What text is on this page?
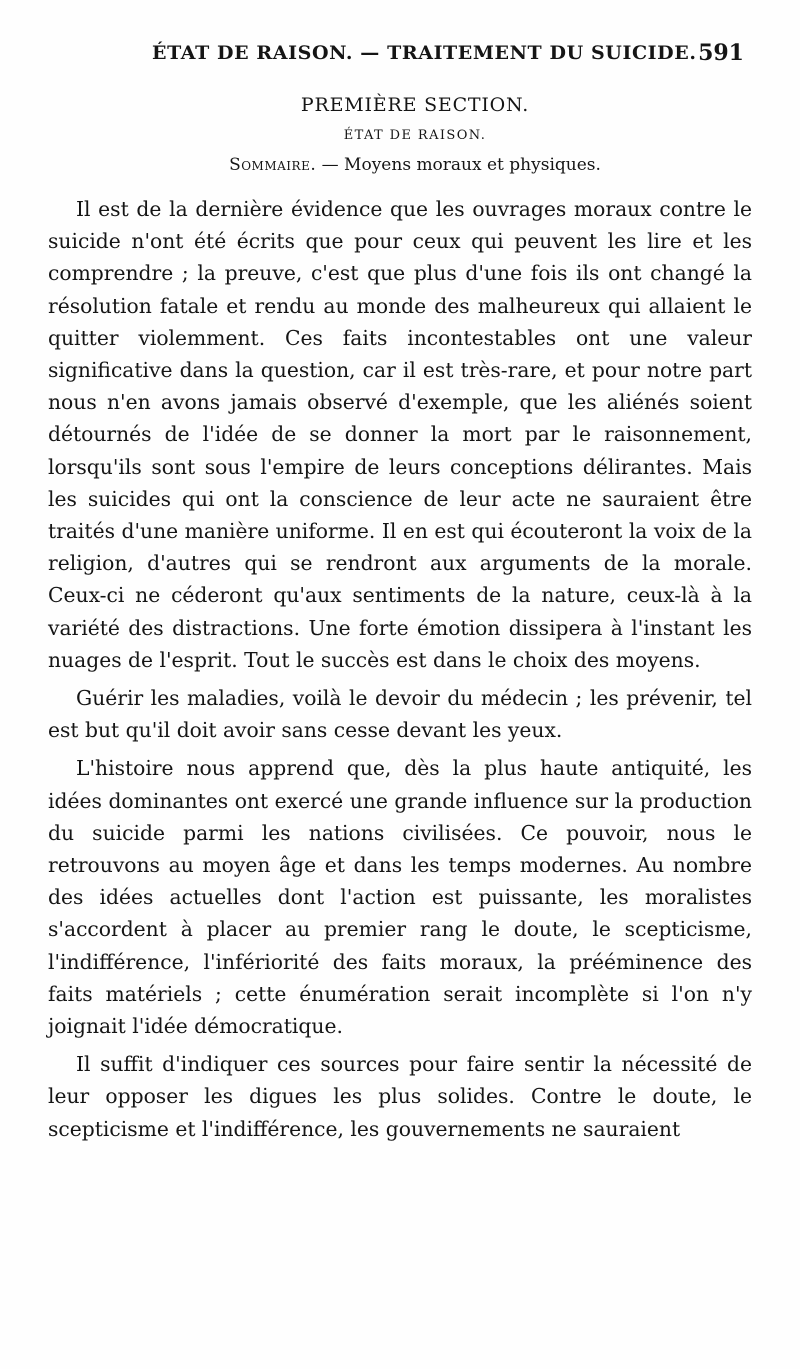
ÉTAT DE RAISON. — TRAITEMENT DU SUICIDE. 591
PREMIÈRE SECTION.
ÉTAT DE RAISON.
Sommaire. — Moyens moraux et physiques.

Il est de la dernière évidence que les ouvrages moraux contre le suicide n'ont été écrits que pour ceux qui peuvent les lire et les comprendre ; la preuve, c'est que plus d'une fois ils ont changé la résolution fatale et rendu au monde des malheureux qui allaient le quitter violemment. Ces faits incontestables ont une valeur significative dans la question, car il est très-rare, et pour notre part nous n'en avons jamais observé d'exemple, que les aliénés soient détournés de l'idée de se donner la mort par le raisonnement, lorsqu'ils sont sous l'empire de leurs conceptions délirantes. Mais les suicides qui ont la conscience de leur acte ne sauraient être traités d'une manière uniforme. Il en est qui écouteront la voix de la religion, d'autres qui se rendront aux arguments de la morale. Ceux-ci ne céderont qu'aux sentiments de la nature, ceux-là à la variété des distractions. Une forte émotion dissipera à l'instant les nuages de l'esprit. Tout le succès est dans le choix des moyens.

Guérir les maladies, voilà le devoir du médecin ; les prévenir, tel est but qu'il doit avoir sans cesse devant les yeux.

L'histoire nous apprend que, dès la plus haute antiquité, les idées dominantes ont exercé une grande influence sur la production du suicide parmi les nations civilisées. Ce pouvoir, nous le retrouvons au moyen âge et dans les temps modernes. Au nombre des idées actuelles dont l'action est puissante, les moralistes s'accordent à placer au premier rang le doute, le scepticisme, l'indifférence, l'infériorité des faits moraux, la prééminence des faits matériels ; cette énumération serait incomplète si l'on n'y joignait l'idée démocratique.

Il suffit d'indiquer ces sources pour faire sentir la nécessité de leur opposer les digues les plus solides. Contre le doute, le scepticisme et l'indifférence, les gouvernements ne sauraient
